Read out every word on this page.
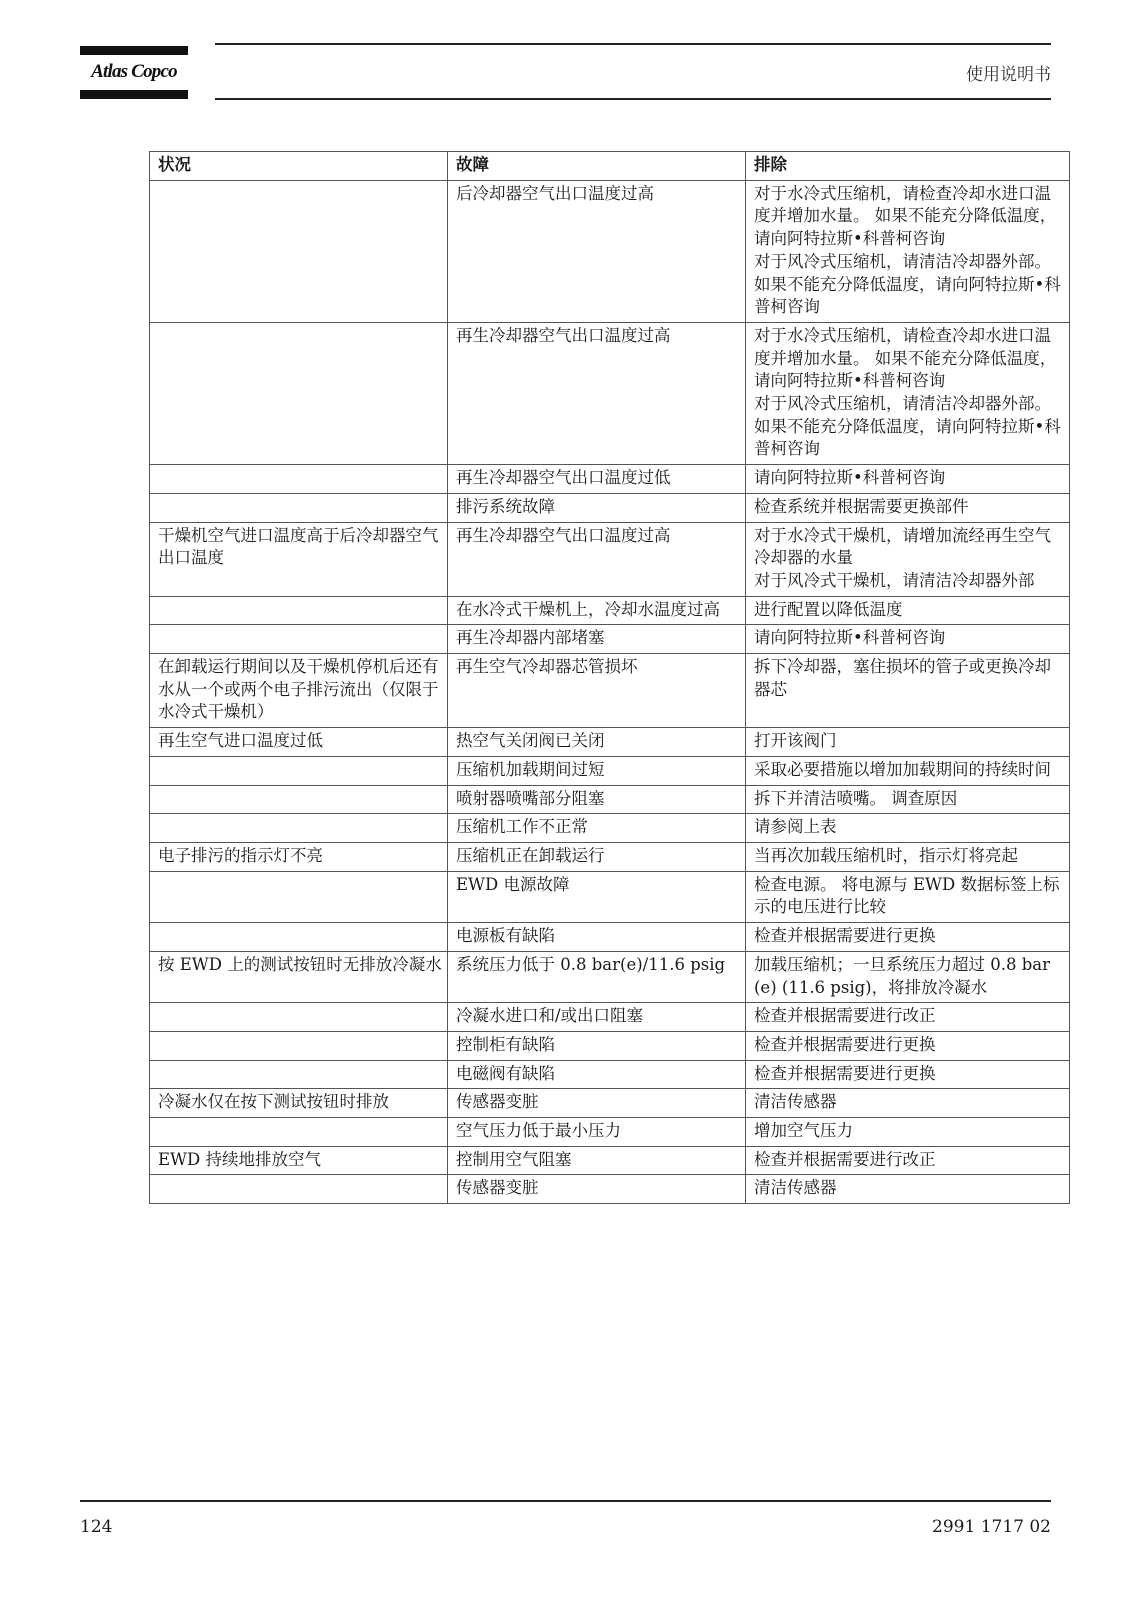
Atlas Copco	使用说明书
状况	故障	排除
	后冷却器空气出口温度过高	对于水冷式压缩机，请检查冷却水进口温度并增加水量。 如果不能充分降低温度，请向阿特拉斯•科普柯咨询
对于风冷式压缩机，请清洁冷却器外部。 如果不能充分降低温度，请向阿特拉斯•科普柯咨询
	再生冷却器空气出口温度过高	对于水冷式压缩机，请检查冷却水进口温度并增加水量。 如果不能充分降低温度，请向阿特拉斯•科普柯咨询
对于风冷式压缩机，请清洁冷却器外部。 如果不能充分降低温度，请向阿特拉斯•科普柯咨询
	再生冷却器空气出口温度过低	请向阿特拉斯•科普柯咨询
	排污系统故障	检查系统并根据需要更换部件
干燥机空气进口温度高于后冷却器空气出口温度	再生冷却器空气出口温度过高	对于水冷式干燥机，请增加流经再生空气冷却器的水量
对于风冷式干燥机，请清洁冷却器外部
	在水冷式干燥机上，冷却水温度过高	进行配置以降低温度
	再生冷却器内部堵塞	请向阿特拉斯•科普柯咨询
在卸载运行期间以及干燥机停机后还有水从一个或两个电子排污流出（仅限于水冷式干燥机）	再生空气冷却器芯管损坏	拆下冷却器，塞住损坏的管子或更换冷却器芯
再生空气进口温度过低	热空气关闭阀已关闭	打开该阀门
	压缩机加载期间过短	采取必要措施以增加加载期间的持续时间
	喷射器喷嘴部分阻塞	拆下并清洁喷嘴。 调查原因
	压缩机工作不正常	请参阅上表
电子排污的指示灯不亮	压缩机正在卸载运行	当再次加载压缩机时，指示灯将亮起
	EWD 电源故障	检查电源。 将电源与 EWD 数据标签上标示的电压进行比较
	电源板有缺陷	检查并根据需要进行更换
按 EWD 上的测试按钮时无排放冷凝水	系统压力低于 0.8 bar(e)/11.6 psig	加载压缩机；一旦系统压力超过 0.8 bar(e) (11.6 psig)，将排放冷凝水
	冷凝水进口和/或出口阻塞	检查并根据需要进行改正
	控制柜有缺陷	检查并根据需要进行更换
	电磁阀有缺陷	检查并根据需要进行更换
冷凝水仅在按下测试按钮时排放	传感器变脏	清洁传感器
	空气压力低于最小压力	增加空气压力
EWD 持续地排放空气	控制用空气阻塞	检查并根据需要进行改正
	传感器变脏	清洁传感器
124	2991 1717 02
